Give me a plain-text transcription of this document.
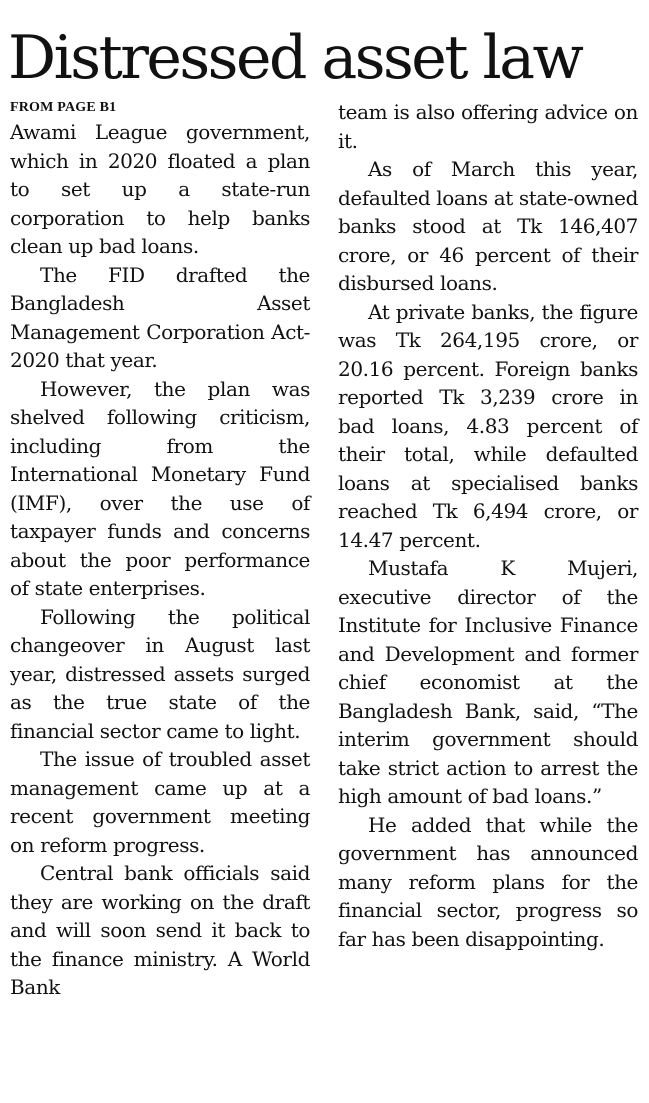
Distressed asset law
FROM PAGE B1

Awami League government, which in 2020 floated a plan to set up a state-run corporation to help banks clean up bad loans.

The FID drafted the Bangladesh Asset Management Corporation Act-2020 that year.

However, the plan was shelved following criticism, including from the International Monetary Fund (IMF), over the use of taxpayer funds and concerns about the poor performance of state enterprises.

Following the political changeover in August last year, distressed assets surged as the true state of the financial sector came to light.

The issue of troubled asset management came up at a recent government meeting on reform progress.

Central bank officials said they are working on the draft and will soon send it back to the finance ministry. A World Bank

team is also offering advice on it.

As of March this year, defaulted loans at state-owned banks stood at Tk 146,407 crore, or 46 percent of their disbursed loans.

At private banks, the figure was Tk 264,195 crore, or 20.16 percent. Foreign banks reported Tk 3,239 crore in bad loans, 4.83 percent of their total, while defaulted loans at specialised banks reached Tk 6,494 crore, or 14.47 percent.

Mustafa K Mujeri, executive director of the Institute for Inclusive Finance and Development and former chief economist at the Bangladesh Bank, said, “The interim government should take strict action to arrest the high amount of bad loans.”

He added that while the government has announced many reform plans for the financial sector, progress so far has been disappointing.
